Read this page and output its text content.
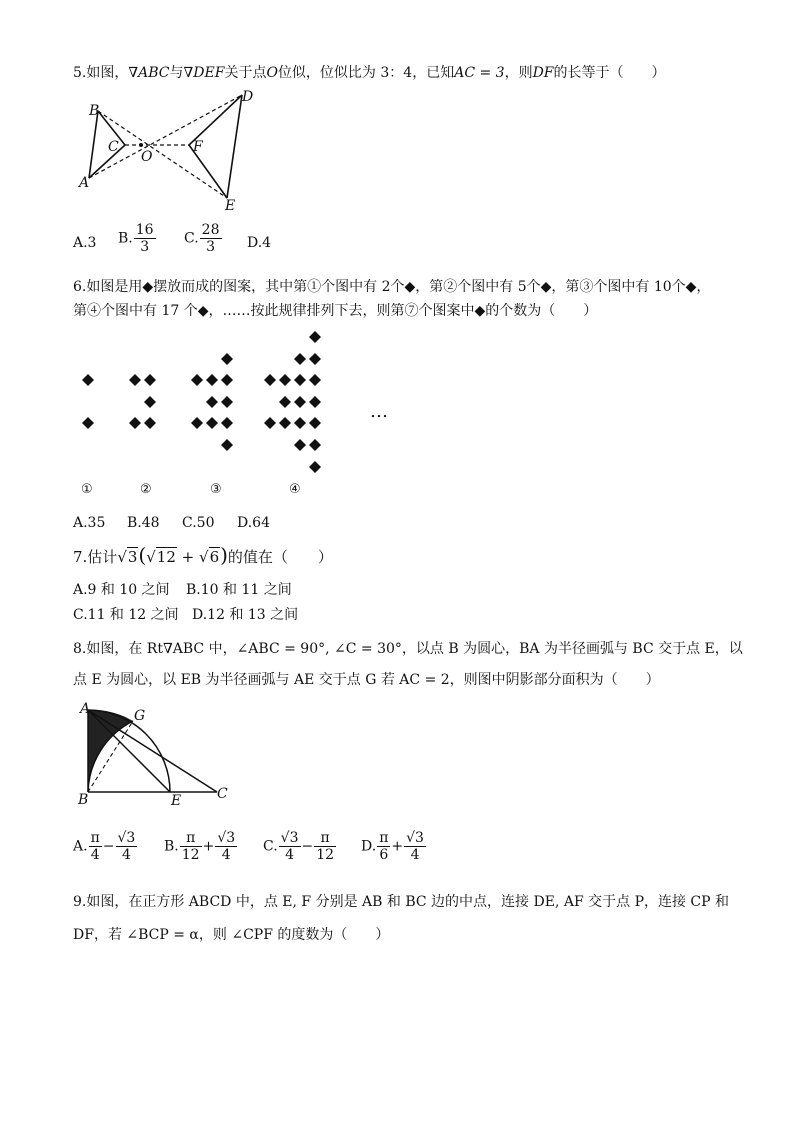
5.如图，∇ABC与∇DEF关于点O位似，位似比为 3：4，已知AC = 3，则DF的长等于（　　）
B
C
O
F
D
A
E
A.3 B. $\frac{16}{3} C$. $\frac{28}{3} D.4$
6.如图是用◆摆放而成的图案，其中第①个图中有 2个◆，第②个图中有 5个◆，第③个图中有 10个◆，
第④个图中有 17 个◆，……按此规律排列下去，则第⑦个图案中◆的个数为（　　）
…
①	②	③	④
A.35 B.48 C.50 D.64
7.估计√3(√12 + √6)的值在（　　）
A.9 和 10 之间 B.10 和 11 之间
C.11 和 12 之间 D.12 和 13 之间
8.如图，在 Rt∇ABC 中，∠ABC = 90°, ∠C = 30°，以点 B 为圆心，BA 为半径画弧与 BC 交于点 E，以
点 E 为圆心，以 EB 为半径画弧与 AE 交于点 G 若 AC = 2，则图中阴影部分面积为（　　）
A	G
B	E	C
A. $\frac{\pi}{4} - \frac{√3}{4} B$. $\frac{\pi}{12} + \frac{√3}{4} C$. $\frac{√3}{4} - \frac{\pi}{12} D$. $\frac{\pi}{6} + \frac{√3}{4}$
9.如图，在正方形 ABCD 中，点 E, F 分别是 AB 和 BC 边的中点，连接 DE, AF 交于点 P，连接 CP 和
DF，若 ∠BCP = α，则 ∠CPF 的度数为（　　）
